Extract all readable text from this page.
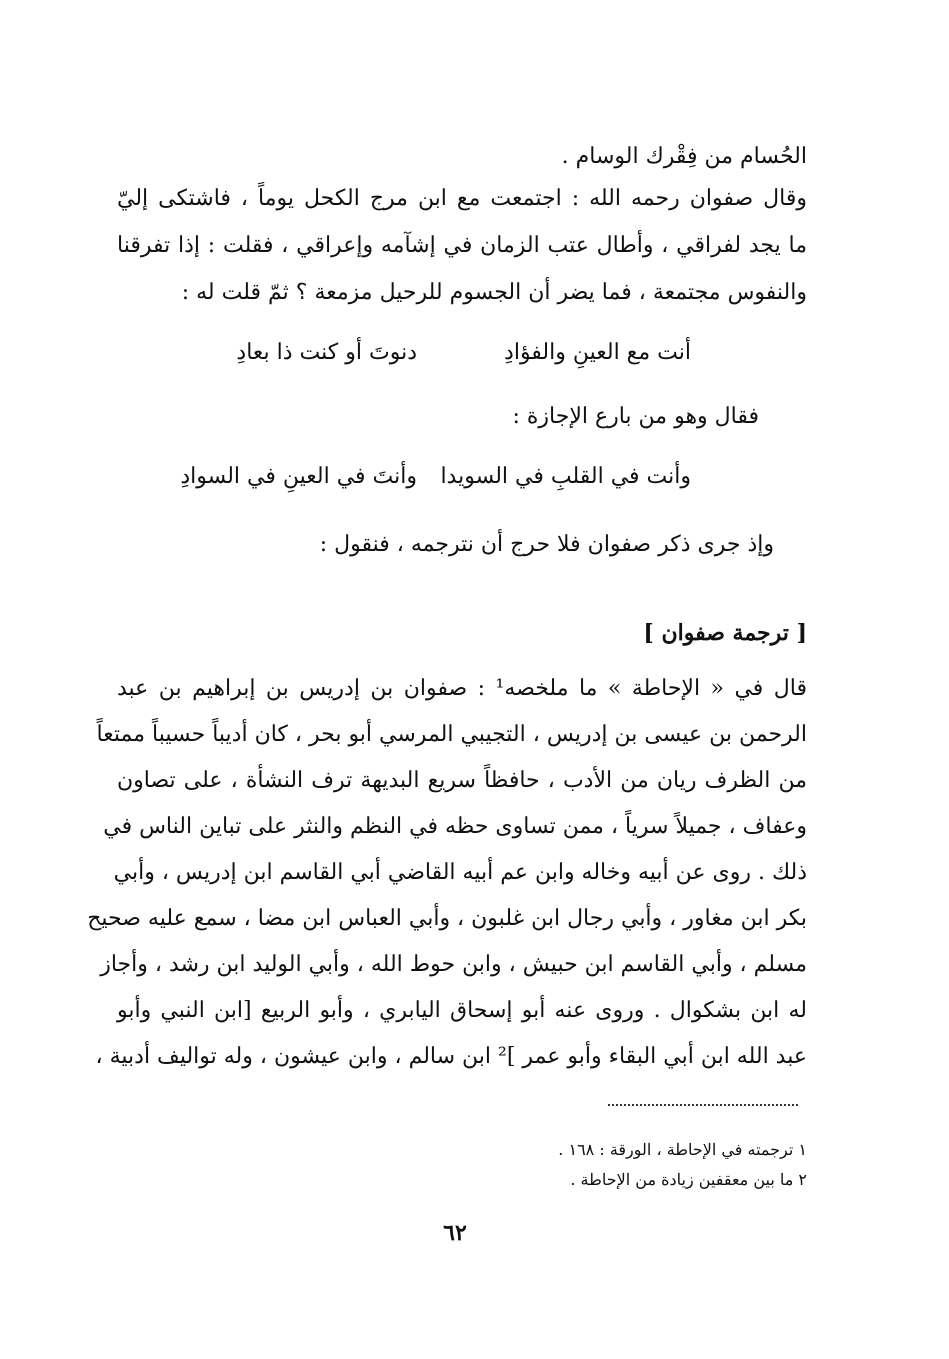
الحُسام من فِقْرك الوسام .
وقال صفوان رحمه الله : اجتمعت مع ابن مرج الكحل يوماً ، فاشتكى إليّ
ما يجد لفراقي ، وأطال عتب الزمان في إشآمه وإعراقي ، فقلت : إذا تفرقنا
والنفوس مجتمعة ، فما يضر أن الجسوم للرحيل مزمعة ؟ ثمّ قلت له :
أنت مع العينِ والفؤادِ
دنوتَ أو كنت ذا بعادِ
فقال وهو من بارع الإجازة :
وأنت في القلبِ في السويدا
وأنتَ في العينِ في السوادِ
وإذ جرى ذكر صفوان فلا حرج أن نترجمه ، فنقول :
[ ترجمة صفوان ]
قال في « الإحاطة » ما ملخصه¹ : صفوان بن إدريس بن إبراهيم بن عبد
الرحمن بن عيسى بن إدريس ، التجيبي المرسي أبو بحر ، كان أديباً حسيباً ممتعاً
من الظرف ريان من الأدب ، حافظاً سريع البديهة ترف النشأة ، على تصاون
وعفاف ، جميلاً سرياً ، ممن تساوى حظه في النظم والنثر على تباين الناس في
ذلك . روى عن أبيه وخاله وابن عم أبيه القاضي أبي القاسم ابن إدريس ، وأبي
بكر ابن مغاور ، وأبي رجال ابن غلبون ، وأبي العباس ابن مضا ، سمع عليه صحيح
مسلم ، وأبي القاسم ابن حبيش ، وابن حوط الله ، وأبي الوليد ابن رشد ، وأجاز
له ابن بشكوال . وروى عنه أبو إسحاق اليابري ، وأبو الربيع [ابن النبي وأبو
عبد الله ابن أبي البقاء وأبو عمر ]² ابن سالم ، وابن عيشون ، وله تواليف أدبية ،
١ ترجمته في الإحاطة ، الورقة : ١٦٨ .
٢ ما بين معقفين زيادة من الإحاطة .
٦٢
